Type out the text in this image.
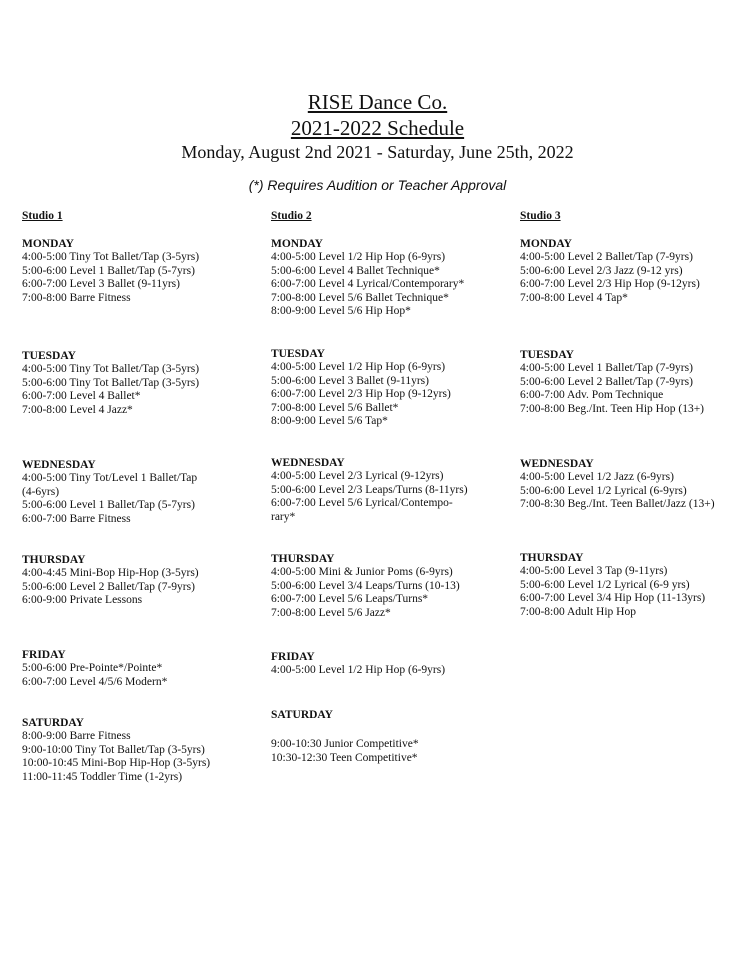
RISE Dance Co.
2021-2022 Schedule
Monday, August 2nd 2021 - Saturday, June 25th, 2022
(*) Requires Audition or Teacher Approval
Studio 1
MONDAY
4:00-5:00 Tiny Tot Ballet/Tap (3-5yrs)
5:00-6:00 Level 1 Ballet/Tap (5-7yrs)
6:00-7:00 Level 3 Ballet (9-11yrs)
7:00-8:00 Barre Fitness
TUESDAY
4:00-5:00 Tiny Tot Ballet/Tap (3-5yrs)
5:00-6:00 Tiny Tot Ballet/Tap (3-5yrs)
6:00-7:00 Level 4 Ballet*
7:00-8:00 Level 4 Jazz*
WEDNESDAY
4:00-5:00 Tiny Tot/Level 1 Ballet/Tap
(4-6yrs)
5:00-6:00 Level 1 Ballet/Tap (5-7yrs)
6:00-7:00 Barre Fitness
THURSDAY
4:00-4:45 Mini-Bop Hip-Hop (3-5yrs)
5:00-6:00 Level 2 Ballet/Tap (7-9yrs)
6:00-9:00 Private Lessons
FRIDAY
5:00-6:00 Pre-Pointe*/Pointe*
6:00-7:00 Level 4/5/6 Modern*
SATURDAY
8:00-9:00 Barre Fitness
9:00-10:00 Tiny Tot Ballet/Tap (3-5yrs)
10:00-10:45 Mini-Bop Hip-Hop (3-5yrs)
11:00-11:45 Toddler Time (1-2yrs)
Studio 2
MONDAY
4:00-5:00 Level 1/2 Hip Hop (6-9yrs)
5:00-6:00 Level 4 Ballet Technique*
6:00-7:00 Level 4 Lyrical/Contemporary*
7:00-8:00 Level 5/6 Ballet Technique*
8:00-9:00 Level 5/6 Hip Hop*
TUESDAY
4:00-5:00 Level 1/2 Hip Hop (6-9yrs)
5:00-6:00 Level 3 Ballet (9-11yrs)
6:00-7:00 Level 2/3 Hip Hop (9-12yrs)
7:00-8:00 Level 5/6 Ballet*
8:00-9:00 Level 5/6 Tap*
WEDNESDAY
4:00-5:00 Level 2/3 Lyrical (9-12yrs)
5:00-6:00 Level 2/3 Leaps/Turns (8-11yrs)
6:00-7:00 Level 5/6 Lyrical/Contempo-
rary*
THURSDAY
4:00-5:00 Mini & Junior Poms (6-9yrs)
5:00-6:00 Level 3/4 Leaps/Turns (10-13)
6:00-7:00 Level 5/6 Leaps/Turns*
7:00-8:00 Level 5/6 Jazz*
FRIDAY
4:00-5:00 Level 1/2 Hip Hop (6-9yrs)
SATURDAY
9:00-10:30 Junior Competitive*
10:30-12:30 Teen Competitive*
Studio 3
MONDAY
4:00-5:00 Level 2 Ballet/Tap (7-9yrs)
5:00-6:00 Level 2/3 Jazz (9-12 yrs)
6:00-7:00 Level 2/3 Hip Hop (9-12yrs)
7:00-8:00 Level 4 Tap*
TUESDAY
4:00-5:00 Level 1 Ballet/Tap (7-9yrs)
5:00-6:00 Level 2 Ballet/Tap (7-9yrs)
6:00-7:00 Adv. Pom Technique
7:00-8:00 Beg./Int. Teen Hip Hop (13+)
WEDNESDAY
4:00-5:00 Level 1/2 Jazz (6-9yrs)
5:00-6:00 Level 1/2 Lyrical (6-9yrs)
7:00-8:30 Beg./Int. Teen Ballet/Jazz (13+)
THURSDAY
4:00-5:00 Level 3 Tap (9-11yrs)
5:00-6:00 Level 1/2 Lyrical (6-9 yrs)
6:00-7:00 Level 3/4 Hip Hop (11-13yrs)
7:00-8:00 Adult Hip Hop
